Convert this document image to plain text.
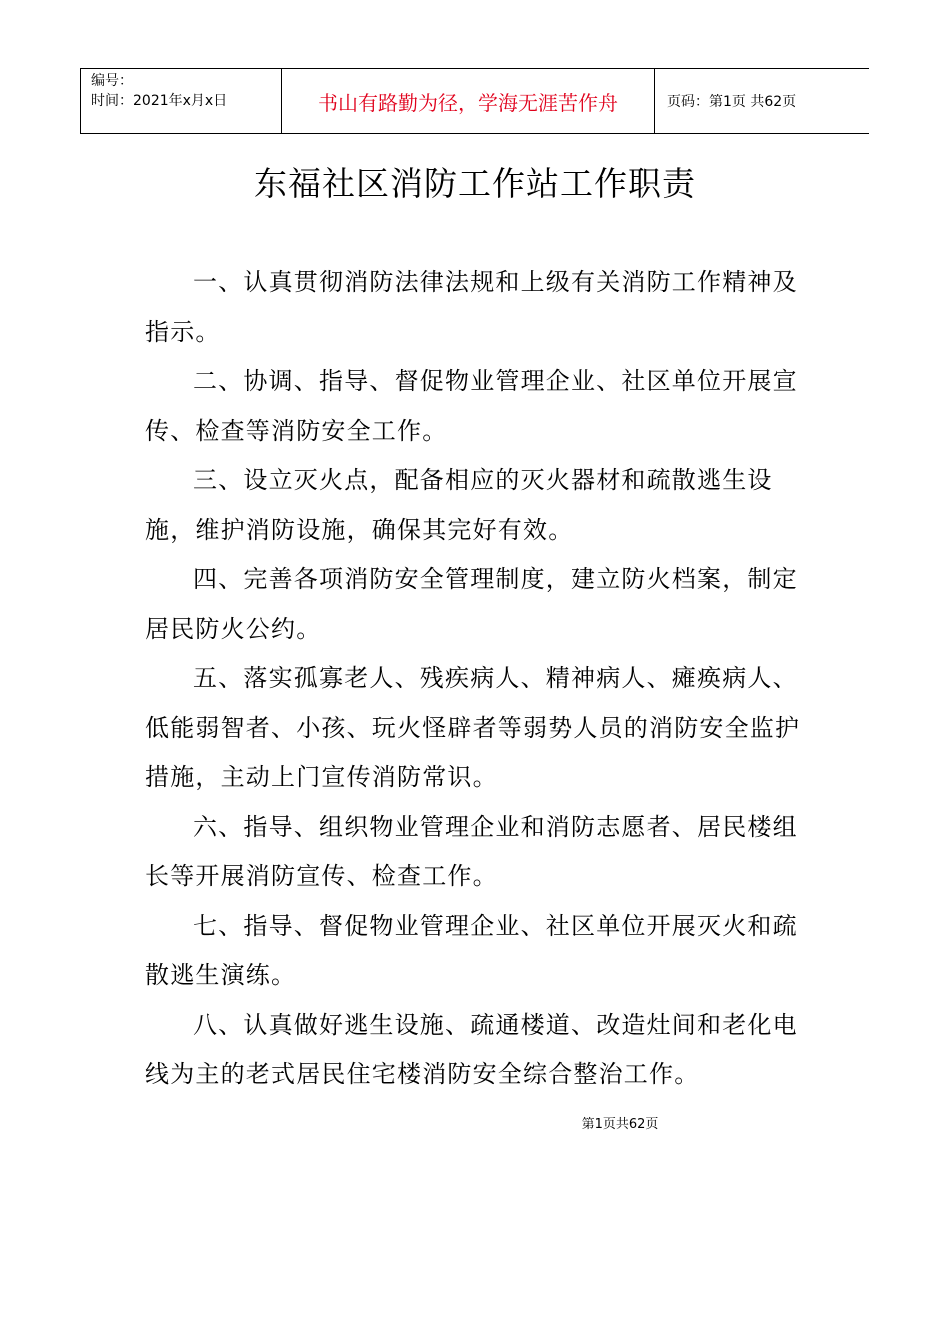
编号：
时间：2021年x月x日	书山有路勤为径，学海无涯苦作舟	页码：第1页 共62页
东福社区消防工作站工作职责

一、认真贯彻消防法律法规和上级有关消防工作精神及指示。

二、协调、指导、督促物业管理企业、社区单位开展宣传、检查等消防安全工作。

三、设立灭火点，配备相应的灭火器材和疏散逃生设施，维护消防设施，确保其完好有效。

四、完善各项消防安全管理制度，建立防火档案，制定居民防火公约。

五、落实孤寡老人、残疾病人、精神病人、瘫痪病人、低能弱智者、小孩、玩火怪辟者等弱势人员的消防安全监护措施，主动上门宣传消防常识。

六、指导、组织物业管理企业和消防志愿者、居民楼组长等开展消防宣传、检查工作。

七、指导、督促物业管理企业、社区单位开展灭火和疏散逃生演练。

八、认真做好逃生设施、疏通楼道、改造灶间和老化电线为主的老式居民住宅楼消防安全综合整治工作。

第1页共62页
